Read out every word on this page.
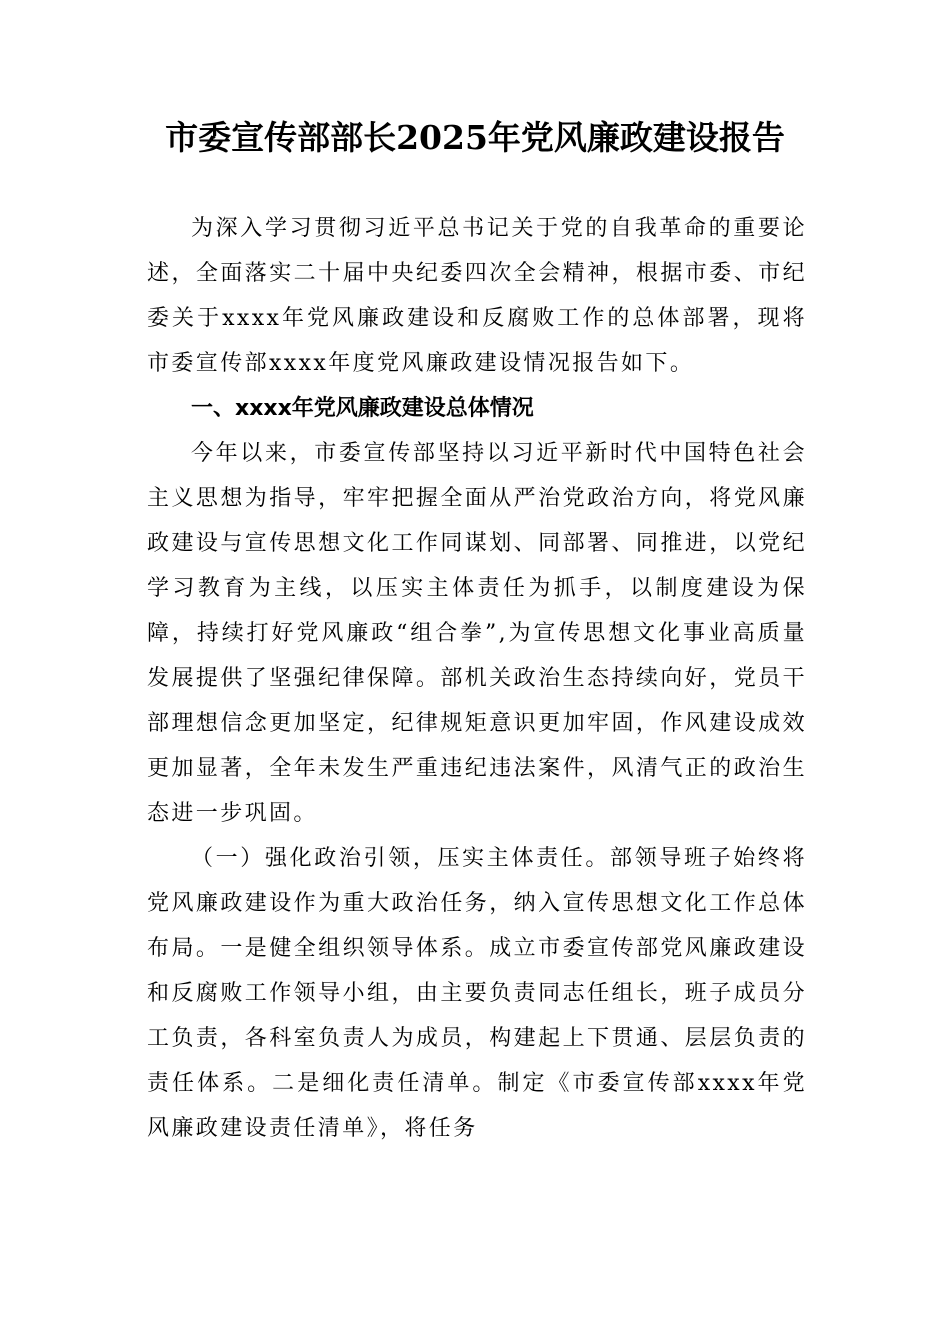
市委宣传部部长2025年党风廉政建设报告

为深入学习贯彻习近平总书记关于党的自我革命的重要论述，全面落实二十届中央纪委四次全会精神，根据市委、市纪委关于xxxx年党风廉政建设和反腐败工作的总体部署，现将市委宣传部xxxx年度党风廉政建设情况报告如下。

一、xxxx年党风廉政建设总体情况

今年以来，市委宣传部坚持以习近平新时代中国特色社会主义思想为指导，牢牢把握全面从严治党政治方向，将党风廉政建设与宣传思想文化工作同谋划、同部署、同推进，以党纪学习教育为主线，以压实主体责任为抓手，以制度建设为保障，持续打好党风廉政“组合拳”,为宣传思想文化事业高质量发展提供了坚强纪律保障。部机关政治生态持续向好，党员干部理想信念更加坚定，纪律规矩意识更加牢固，作风建设成效更加显著，全年未发生严重违纪违法案件，风清气正的政治生态进一步巩固。

（一）强化政治引领，压实主体责任。部领导班子始终将党风廉政建设作为重大政治任务，纳入宣传思想文化工作总体布局。一是健全组织领导体系。成立市委宣传部党风廉政建设和反腐败工作领导小组，由主要负责同志任组长，班子成员分工负责，各科室负责人为成员，构建起上下贯通、层层负责的责任体系。二是细化责任清单。制定《市委宣传部xxxx年党风廉政建设责任清单》，将任务
